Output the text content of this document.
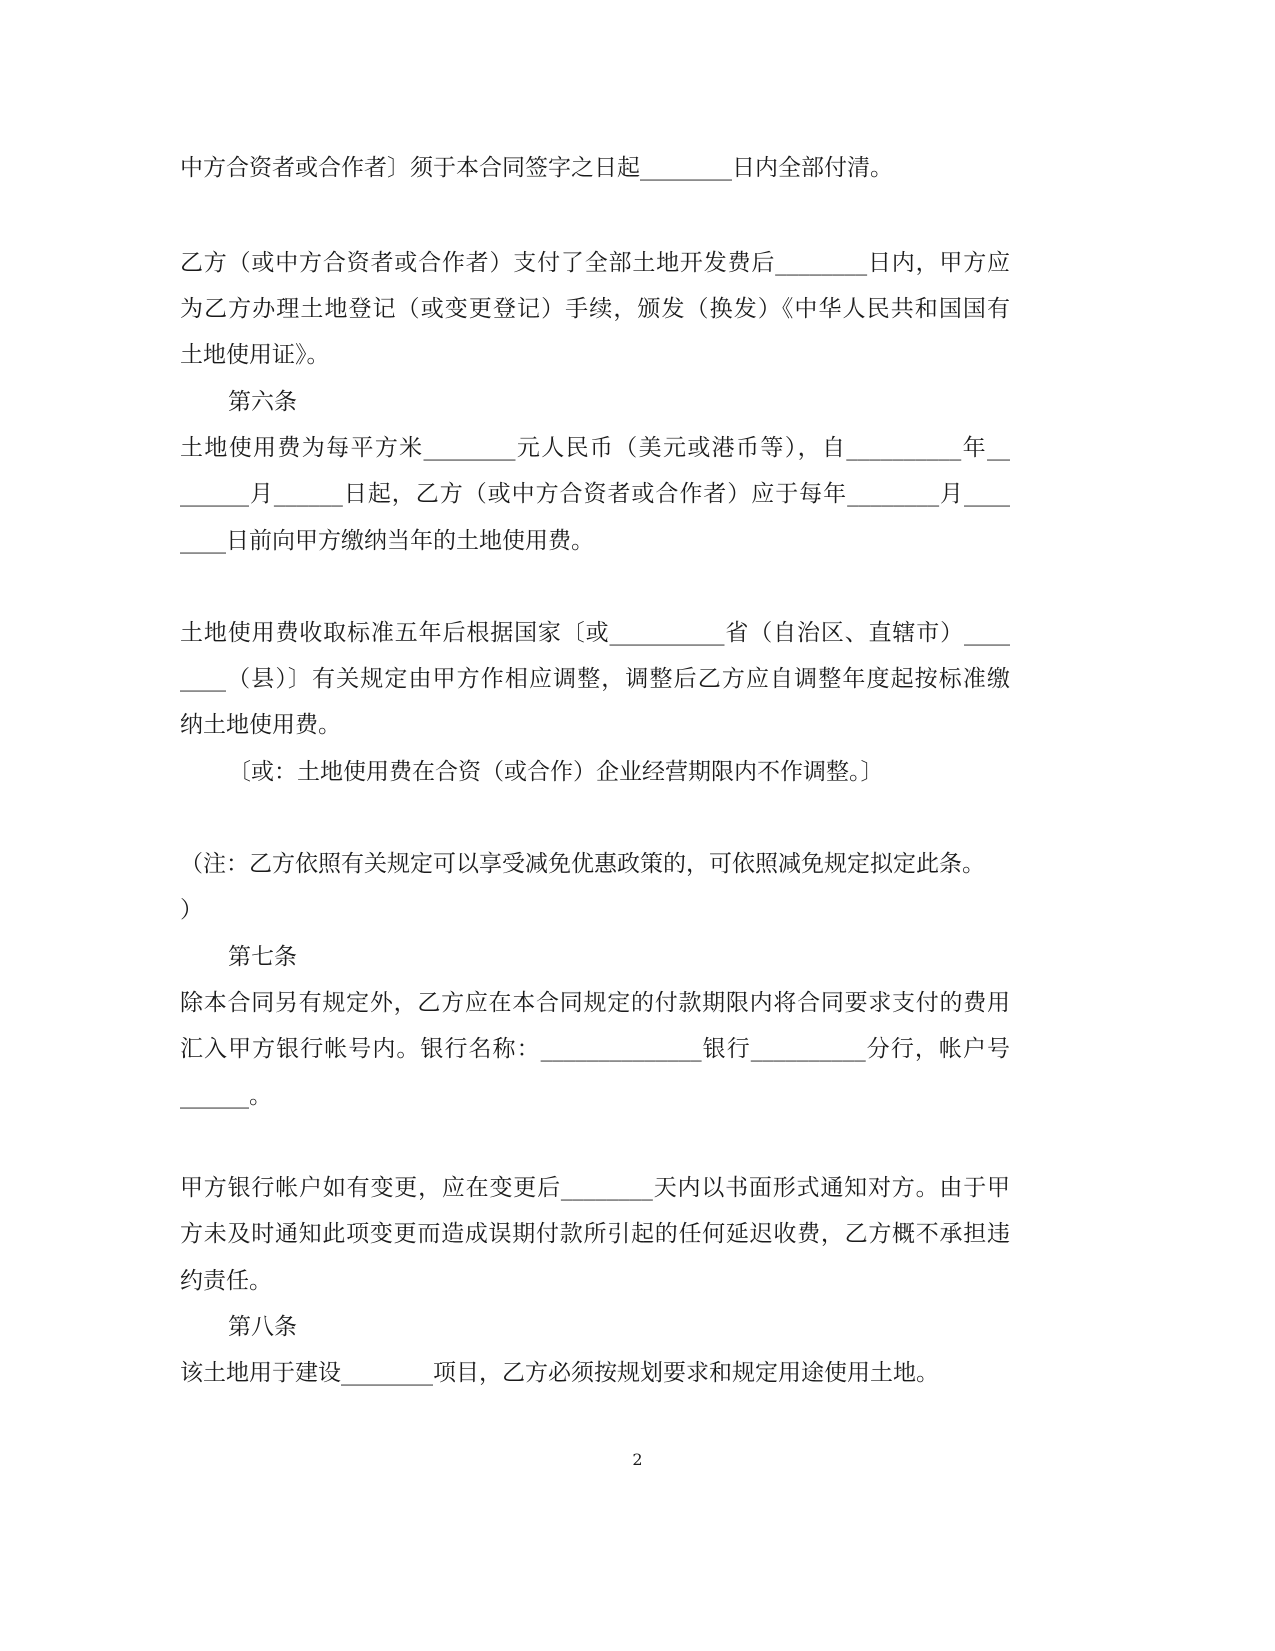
中方合资者或合作者〕须于本合同签字之日起________日内全部付清。
乙方（或中方合资者或合作者）支付了全部土地开发费后________日内，甲方应
为乙方办理土地登记（或变更登记）手续，颁发（换发）《中华人民共和国国有
土地使用证》。
第六条
土地使用费为每平方米________元人民币（美元或港币等），自__________年__
______月______日起，乙方（或中方合资者或合作者）应于每年________月____
____日前向甲方缴纳当年的土地使用费。
土地使用费收取标准五年后根据国家〔或__________省（自治区、直辖市）____
____（县）〕有关规定由甲方作相应调整，调整后乙方应自调整年度起按标准缴
纳土地使用费。
〔或：土地使用费在合资（或合作）企业经营期限内不作调整。〕
（注：乙方依照有关规定可以享受减免优惠政策的，可依照减免规定拟定此条。
）
第七条
除本合同另有规定外，乙方应在本合同规定的付款期限内将合同要求支付的费用
汇入甲方银行帐号内。银行名称：______________银行__________分行，帐户号
______。
甲方银行帐户如有变更，应在变更后________天内以书面形式通知对方。由于甲
方未及时通知此项变更而造成误期付款所引起的任何延迟收费，乙方概不承担违
约责任。
第八条
该土地用于建设________项目，乙方必须按规划要求和规定用途使用土地。
2
